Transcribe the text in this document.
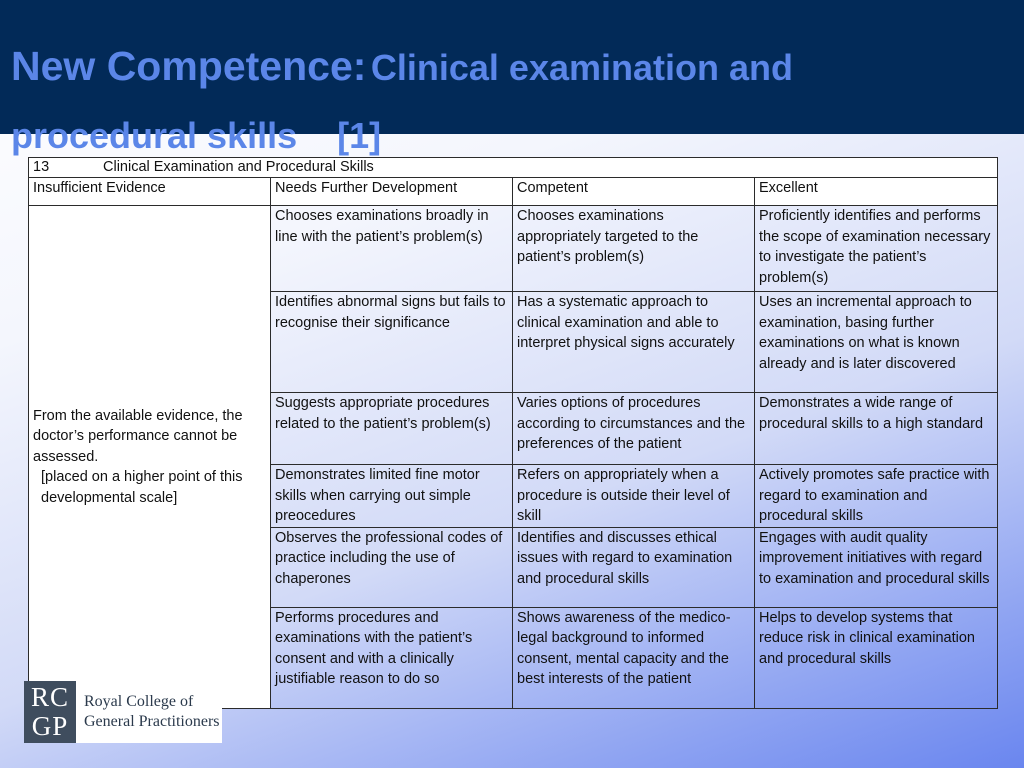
New Competence: Clinical examination and
procedural skills    [1]
13 Clinical Examination and Procedural Skills			
Insufficient Evidence	Needs Further Development	Competent	Excellent

From the available evidence, the doctor’s performance cannot be assessed.
[placed on a higher point of this developmental scale]	Chooses examinations broadly in line with the patient’s problem(s)	Chooses examinations appropriately targeted to the patient’s problem(s)	Proficiently identifies and performs the scope of examination necessary to investigate the patient’s problem(s)
	Identifies abnormal signs but fails to recognise their significance	Has a systematic approach to clinical examination and able to interpret physical signs accurately	Uses an incremental approach to examination, basing further examinations on what is known already and is later discovered
	Suggests appropriate procedures related to the patient’s problem(s)	Varies options of procedures according to circumstances and the preferences of the patient	Demonstrates a wide range of procedural skills to a high standard
	Demonstrates limited fine motor skills when carrying out simple preocedures	Refers on appropriately when a procedure is outside their level of skill	Actively promotes safe practice with regard to examination and procedural skills
	Observes the professional codes of practice including the use of chaperones	Identifies and discusses ethical issues with regard to examination and procedural skills	Engages with audit quality improvement initiatives with regard to examination and procedural skills
	Performs procedures and examinations with the patient’s consent and with a clinically justifiable reason to do so	Shows awareness of the medico-legal background to informed consent, mental capacity and the best interests of the patient	Helps to develop systems that reduce risk in clinical examination and procedural skills
RC
GP
Royal College of
General Practitioners
